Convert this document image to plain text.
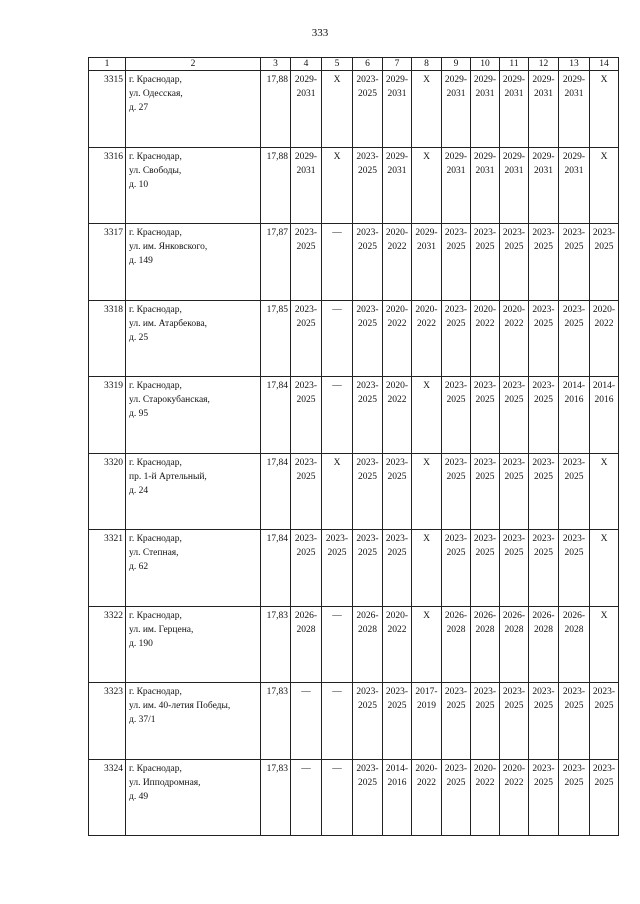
333
1	2	3	4	5	6	7	8	9	10	11	12	13	14
3315	г. Краснодар,
ул. Одесская,
д. 27	17,88	2029-
2031	Х	2023-
2025	2029-
2031	Х	2029-
2031	2029-
2031	2029-
2031	2029-
2031	2029-
2031	Х

3316	г. Краснодар,
ул. Свободы,
д. 10	17,88	2029-
2031	Х	2023-
2025	2029-
2031	Х	2029-
2031	2029-
2031	2029-
2031	2029-
2031	2029-
2031	Х

3317	г. Краснодар,
ул. им. Янковского,
д. 149	17,87	2023-
2025	—	2023-
2025	2020-
2022	2029-
2031	2023-
2025	2023-
2025	2023-
2025	2023-
2025	2023-
2025	2023-
2025

3318	г. Краснодар,
ул. им. Атарбекова,
д. 25	17,85	2023-
2025	—	2023-
2025	2020-
2022	2020-
2022	2023-
2025	2020-
2022	2020-
2022	2023-
2025	2023-
2025	2020-
2022

3319	г. Краснодар,
ул. Старокубанская,
д. 95	17,84	2023-
2025	—	2023-
2025	2020-
2022	Х	2023-
2025	2023-
2025	2023-
2025	2023-
2025	2014-
2016	2014-
2016

3320	г. Краснодар,
пр. 1-й Артельный,
д. 24	17,84	2023-
2025	Х	2023-
2025	2023-
2025	Х	2023-
2025	2023-
2025	2023-
2025	2023-
2025	2023-
2025	Х

3321	г. Краснодар,
ул. Степная,
д. 62	17,84	2023-
2025	2023-
2025	2023-
2025	2023-
2025	Х	2023-
2025	2023-
2025	2023-
2025	2023-
2025	2023-
2025	Х

3322	г. Краснодар,
ул. им. Герцена,
д. 190	17,83	2026-
2028	—	2026-
2028	2020-
2022	Х	2026-
2028	2026-
2028	2026-
2028	2026-
2028	2026-
2028	Х

3323	г. Краснодар,
ул. им. 40-летия Победы,
д. 37/1	17,83	—	—	2023-
2025	2023-
2025	2017-
2019	2023-
2025	2023-
2025	2023-
2025	2023-
2025	2023-
2025	2023-
2025

3324	г. Краснодар,
ул. Ипподромная,
д. 49	17,83	—	—	2023-
2025	2014-
2016	2020-
2022	2023-
2025	2020-
2022	2020-
2022	2023-
2025	2023-
2025	2023-
2025
